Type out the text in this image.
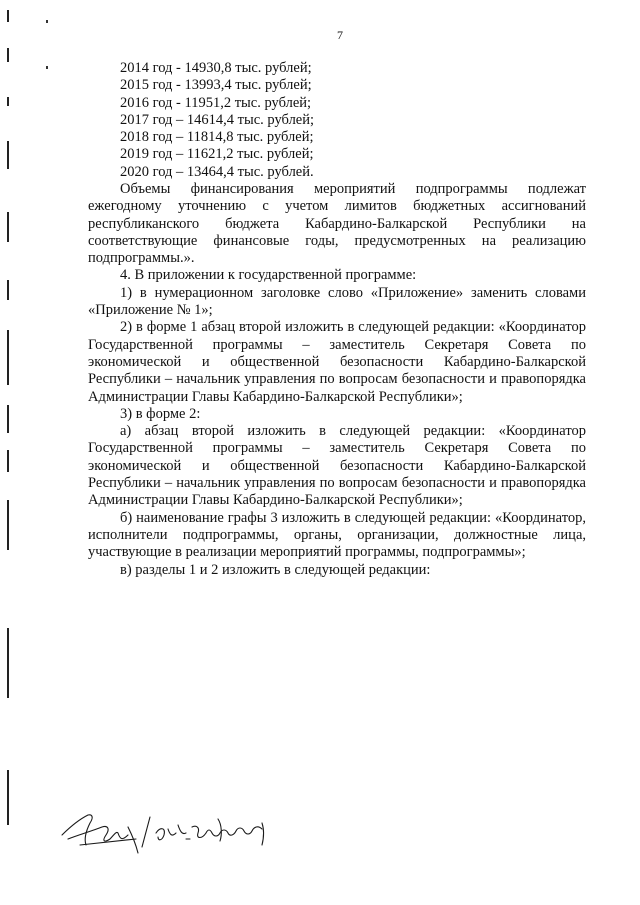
7
2014 год - 14930,8 тыс. рублей;
2015 год - 13993,4 тыс. рублей;
2016 год - 11951,2 тыс. рублей;
2017 год – 14614,4 тыс. рублей;
2018 год – 11814,8 тыс. рублей;
2019 год – 11621,2 тыс. рублей;
2020 год – 13464,4 тыс. рублей.

Объемы финансирования мероприятий подпрограммы подлежат ежегодному уточнению с учетом лимитов бюджетных ассигнований республиканского бюджета Кабардино-Балкарской Республики на соответствующие финансовые годы, предусмотренных на реализацию подпрограммы.».

4. В приложении к государственной программе:

1) в нумерационном заголовке слово «Приложение» заменить словами «Приложение № 1»;

2) в форме 1 абзац второй изложить в следующей редакции: «Координатор Государственной программы – заместитель Секретаря Совета по экономической и общественной безопасности Кабардино-Балкарской Республики – начальник управления по вопросам безопасности и правопорядка Администрации Главы Кабардино-Балкарской Республики»;

3) в форме 2:

а) абзац второй изложить в следующей редакции: «Координатор Государственной программы – заместитель Секретаря Совета по экономической и общественной безопасности Кабардино-Балкарской Республики – начальник управления по вопросам безопасности и правопорядка Администрации Главы Кабардино-Балкарской Республики»;

б) наименование графы 3 изложить в следующей редакции: «Координатор, исполнители подпрограммы, органы, организации, должностные лица, участвующие в реализации мероприятий программы, подпрограммы»;

в) разделы 1 и 2 изложить в следующей редакции:
